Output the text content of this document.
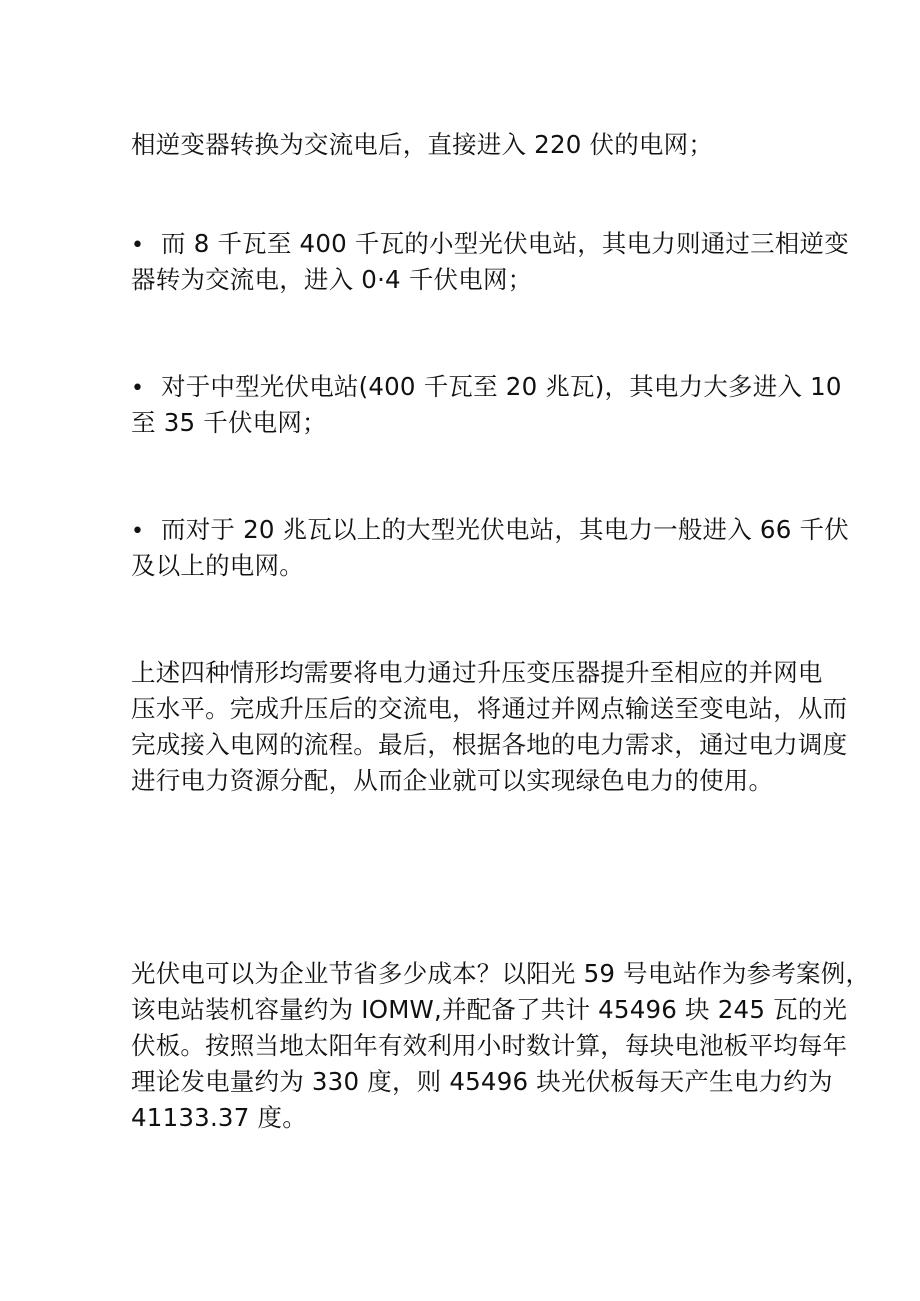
相逆变器转换为交流电后，直接进入 220 伏的电网；
• 而 8 千瓦至 400 千瓦的小型光伏电站，其电力则通过三相逆变
器转为交流电，进入 0·4 千伏电网；
• 对于中型光伏电站(400 千瓦至 20 兆瓦)，其电力大多进入 10
至 35 千伏电网；
• 而对于 20 兆瓦以上的大型光伏电站，其电力一般进入 66 千伏
及以上的电网。
上述四种情形均需要将电力通过升压变压器提升至相应的并网电
压水平。完成升压后的交流电，将通过并网点输送至变电站，从而
完成接入电网的流程。最后，根据各地的电力需求，通过电力调度
进行电力资源分配，从而企业就可以实现绿色电力的使用。
光伏电可以为企业节省多少成本？以阳光 59 号电站作为参考案例，
该电站装机容量约为 IOMW,并配备了共计 45496 块 245 瓦的光
伏板。按照当地太阳年有效利用小时数计算，每块电池板平均每年
理论发电量约为 330 度，则 45496 块光伏板每天产生电力约为
41133.37 度。
